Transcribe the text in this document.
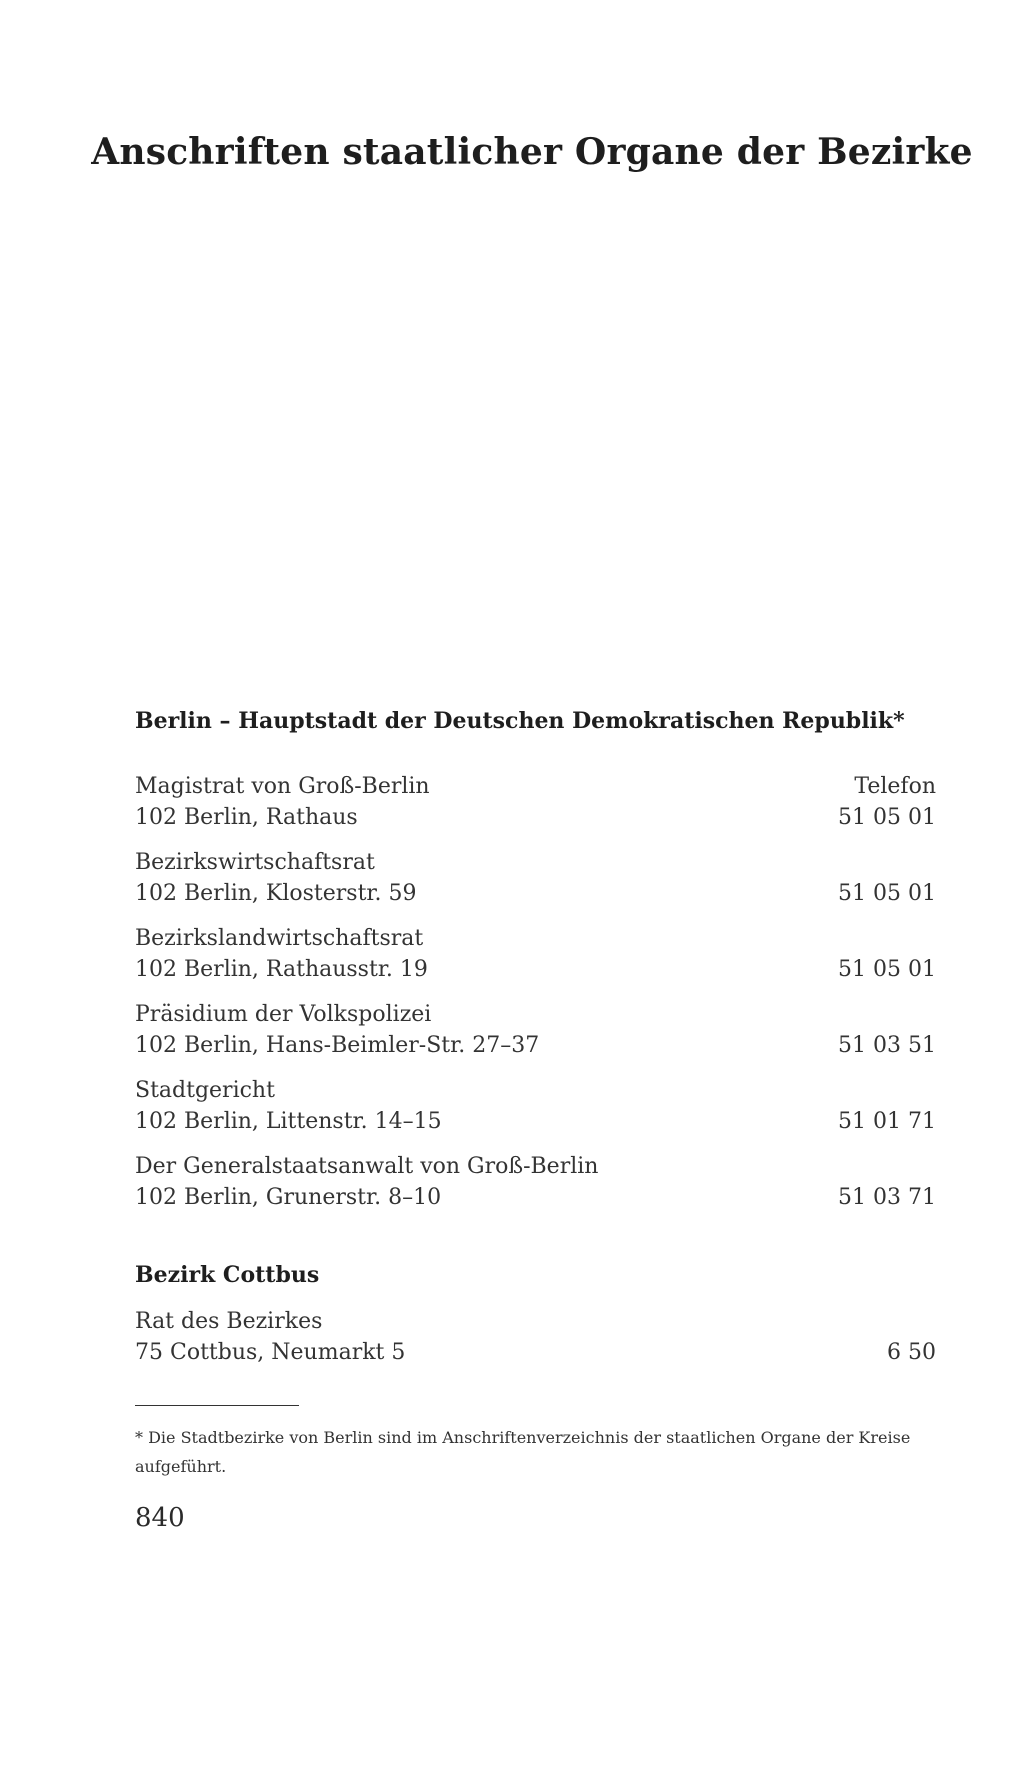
Anschriften staatlicher Organe der Bezirke
Berlin – Hauptstadt der Deutschen Demokratischen Republik*
Magistrat von Groß-Berlin	Telefon
102 Berlin, Rathaus	51 05 01
Bezirkswirtschaftsrat
102 Berlin, Klosterstr. 59	51 05 01
Bezirkslandwirtschaftsrat
102 Berlin, Rathausstr. 19	51 05 01
Präsidium der Volkspolizei
102 Berlin, Hans-Beimler-Str. 27–37	51 03 51
Stadtgericht
102 Berlin, Littenstr. 14–15	51 01 71
Der Generalstaatsanwalt von Groß-Berlin
102 Berlin, Grunerstr. 8–10	51 03 71
Bezirk Cottbus
Rat des Bezirkes
75 Cottbus, Neumarkt 5	6 50
* Die Stadtbezirke von Berlin sind im Anschriftenverzeichnis der staatlichen Organe der Kreise aufgeführt.
840
